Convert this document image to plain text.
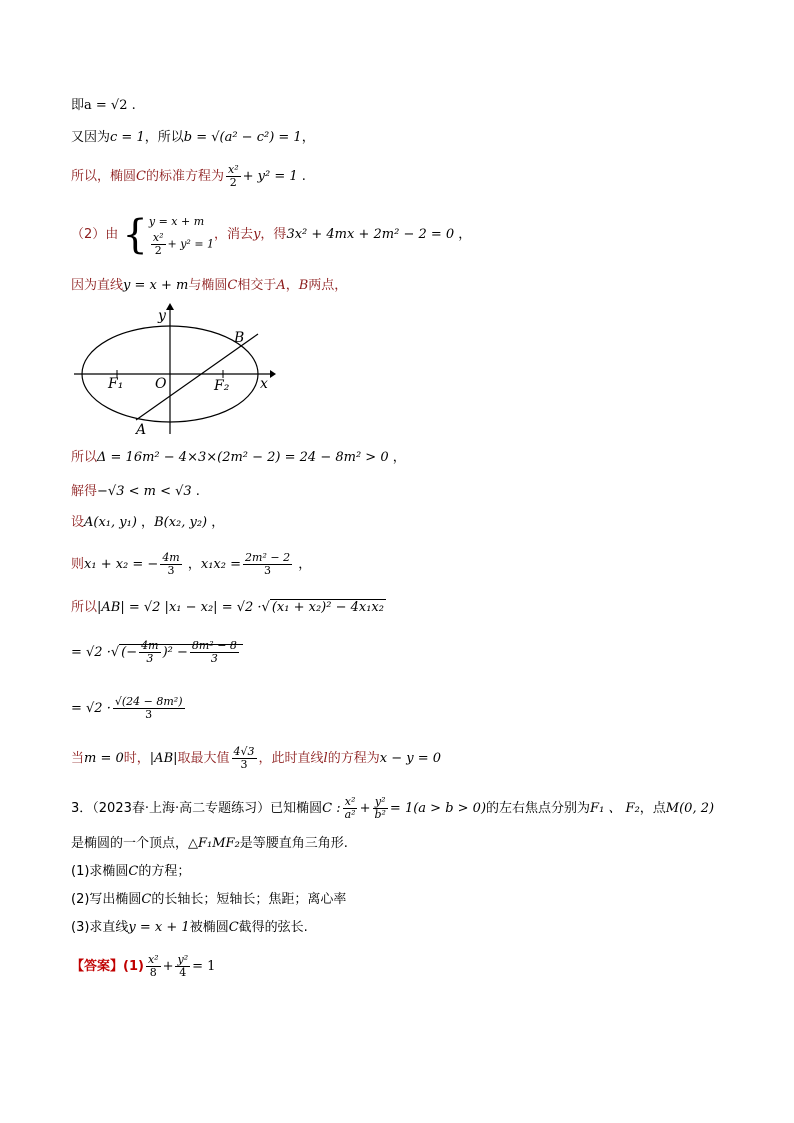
即a = √2 .
又因为c = 1，所以b = √(a² − c²) = 1，
所以，椭圆C的标准方程为 $\frac{\text{x²}}{2} + y^2 = 1$ .
（2）由 { y = x + m
$\frac{\text{x²}}{2} + y^2 = 1$
，消去y，得3x² + 4mx + 2m² − 2 = 0 ，
因为直线y = x + m与椭圆C相交于A，B两点，
y
x
O
F₁	F₂
A
B
所以Δ = 16m² − 4×3×(2m² − 2) = 24 − 8m² > 0 ，
解得−√3 < m < √3 .
设A(x₁, y₁) ，B(x₂, y₂) ，
则x₁ + x₂ = − $\frac{4m}{3}$ ，$x_1x_2 = \frac{\text{2m² − 2}}{3}$ ，
所以|AB| = √2 |x₁ − x₂| = √2 ·√ (x₁ + x₂)² − 4x₁x₂
= √2 ·√ (− $\frac{4m}{3} )^2 - \frac{\text{8m² − 8}}{3}$
= $√2 \cdot \frac{\text{√(24 − 8m²)}}{3}$
当m = 0时，|AB|取最大值 $\frac{4√3}{3}$ ，此时直线l的方程为x − y = 0
3．（2023春·上海·高二专题练习）已知椭圆C : $\frac{\text{x²}}{\text{a²}} + \frac{\text{y²}}{\text{b²}} = 1(a > b > 0)$的左右焦点分别为F₁ 、 F₂，点M(0, 2)
是椭圆的一个顶点，△F₁MF₂是等腰直角三角形.
(1)求椭圆C的方程；
(2)写出椭圆C的长轴长；短轴长；焦距；离心率
(3)求直线y = x + 1被椭圆C截得的弦长.
【答案】$(1) \frac{\text{x²}}{8} + \frac{\text{y²}}{4} = 1$
